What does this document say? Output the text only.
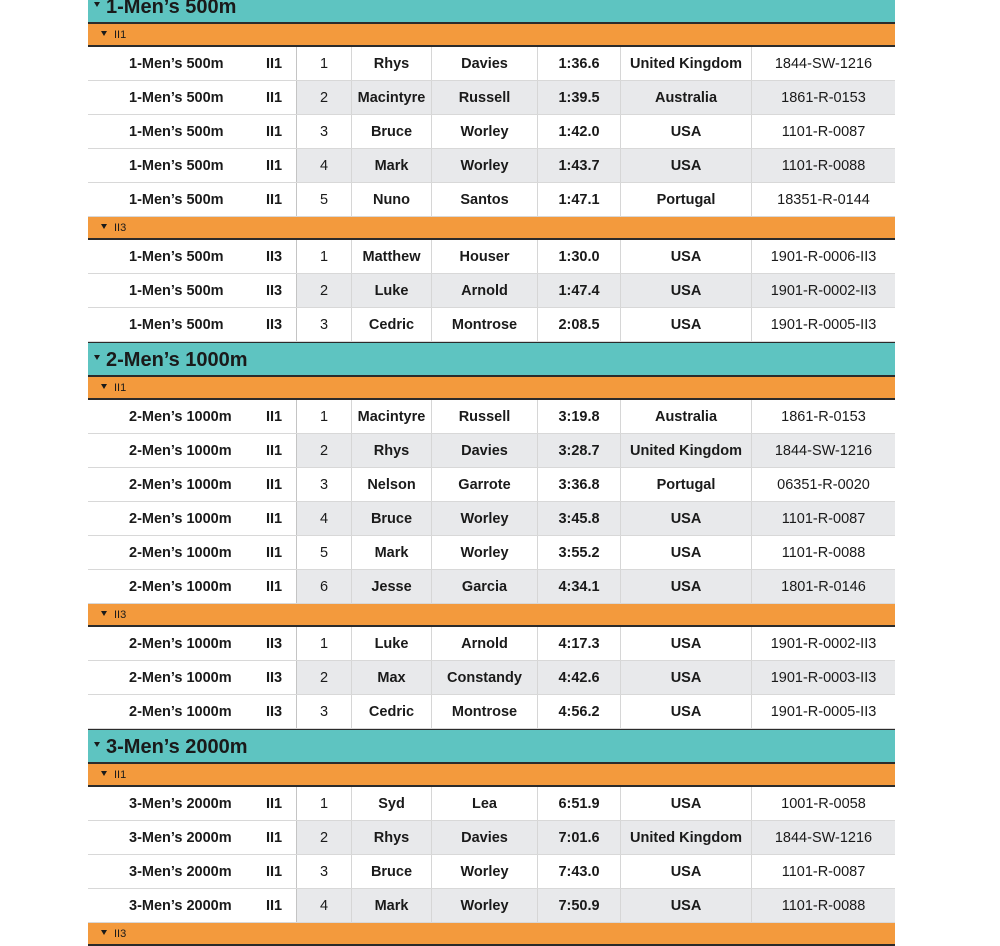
1-Men’s 500m
II1
1-Men’s 500m	II1	1	Rhys	Davies	1:36.6	United Kingdom	1844-SW-1216
1-Men’s 500m	II1	2	Macintyre	Russell	1:39.5	Australia	1861-R-0153
1-Men’s 500m	II1	3	Bruce	Worley	1:42.0	USA	1101-R-0087
1-Men’s 500m	II1	4	Mark	Worley	1:43.7	USA	1101-R-0088
1-Men’s 500m	II1	5	Nuno	Santos	1:47.1	Portugal	18351-R-0144
II3
1-Men’s 500m	II3	1	Matthew	Houser	1:30.0	USA	1901-R-0006-II3
1-Men’s 500m	II3	2	Luke	Arnold	1:47.4	USA	1901-R-0002-II3
1-Men’s 500m	II3	3	Cedric	Montrose	2:08.5	USA	1901-R-0005-II3
2-Men’s 1000m
II1
2-Men’s 1000m	II1	1	Macintyre	Russell	3:19.8	Australia	1861-R-0153
2-Men’s 1000m	II1	2	Rhys	Davies	3:28.7	United Kingdom	1844-SW-1216
2-Men’s 1000m	II1	3	Nelson	Garrote	3:36.8	Portugal	06351-R-0020
2-Men’s 1000m	II1	4	Bruce	Worley	3:45.8	USA	1101-R-0087
2-Men’s 1000m	II1	5	Mark	Worley	3:55.2	USA	1101-R-0088
2-Men’s 1000m	II1	6	Jesse	Garcia	4:34.1	USA	1801-R-0146
II3
2-Men’s 1000m	II3	1	Luke	Arnold	4:17.3	USA	1901-R-0002-II3
2-Men’s 1000m	II3	2	Max	Constandy	4:42.6	USA	1901-R-0003-II3
2-Men’s 1000m	II3	3	Cedric	Montrose	4:56.2	USA	1901-R-0005-II3
3-Men’s 2000m
II1
3-Men’s 2000m	II1	1	Syd	Lea	6:51.9	USA	1001-R-0058
3-Men’s 2000m	II1	2	Rhys	Davies	7:01.6	United Kingdom	1844-SW-1216
3-Men’s 2000m	II1	3	Bruce	Worley	7:43.0	USA	1101-R-0087
3-Men’s 2000m	II1	4	Mark	Worley	7:50.9	USA	1101-R-0088
II3
